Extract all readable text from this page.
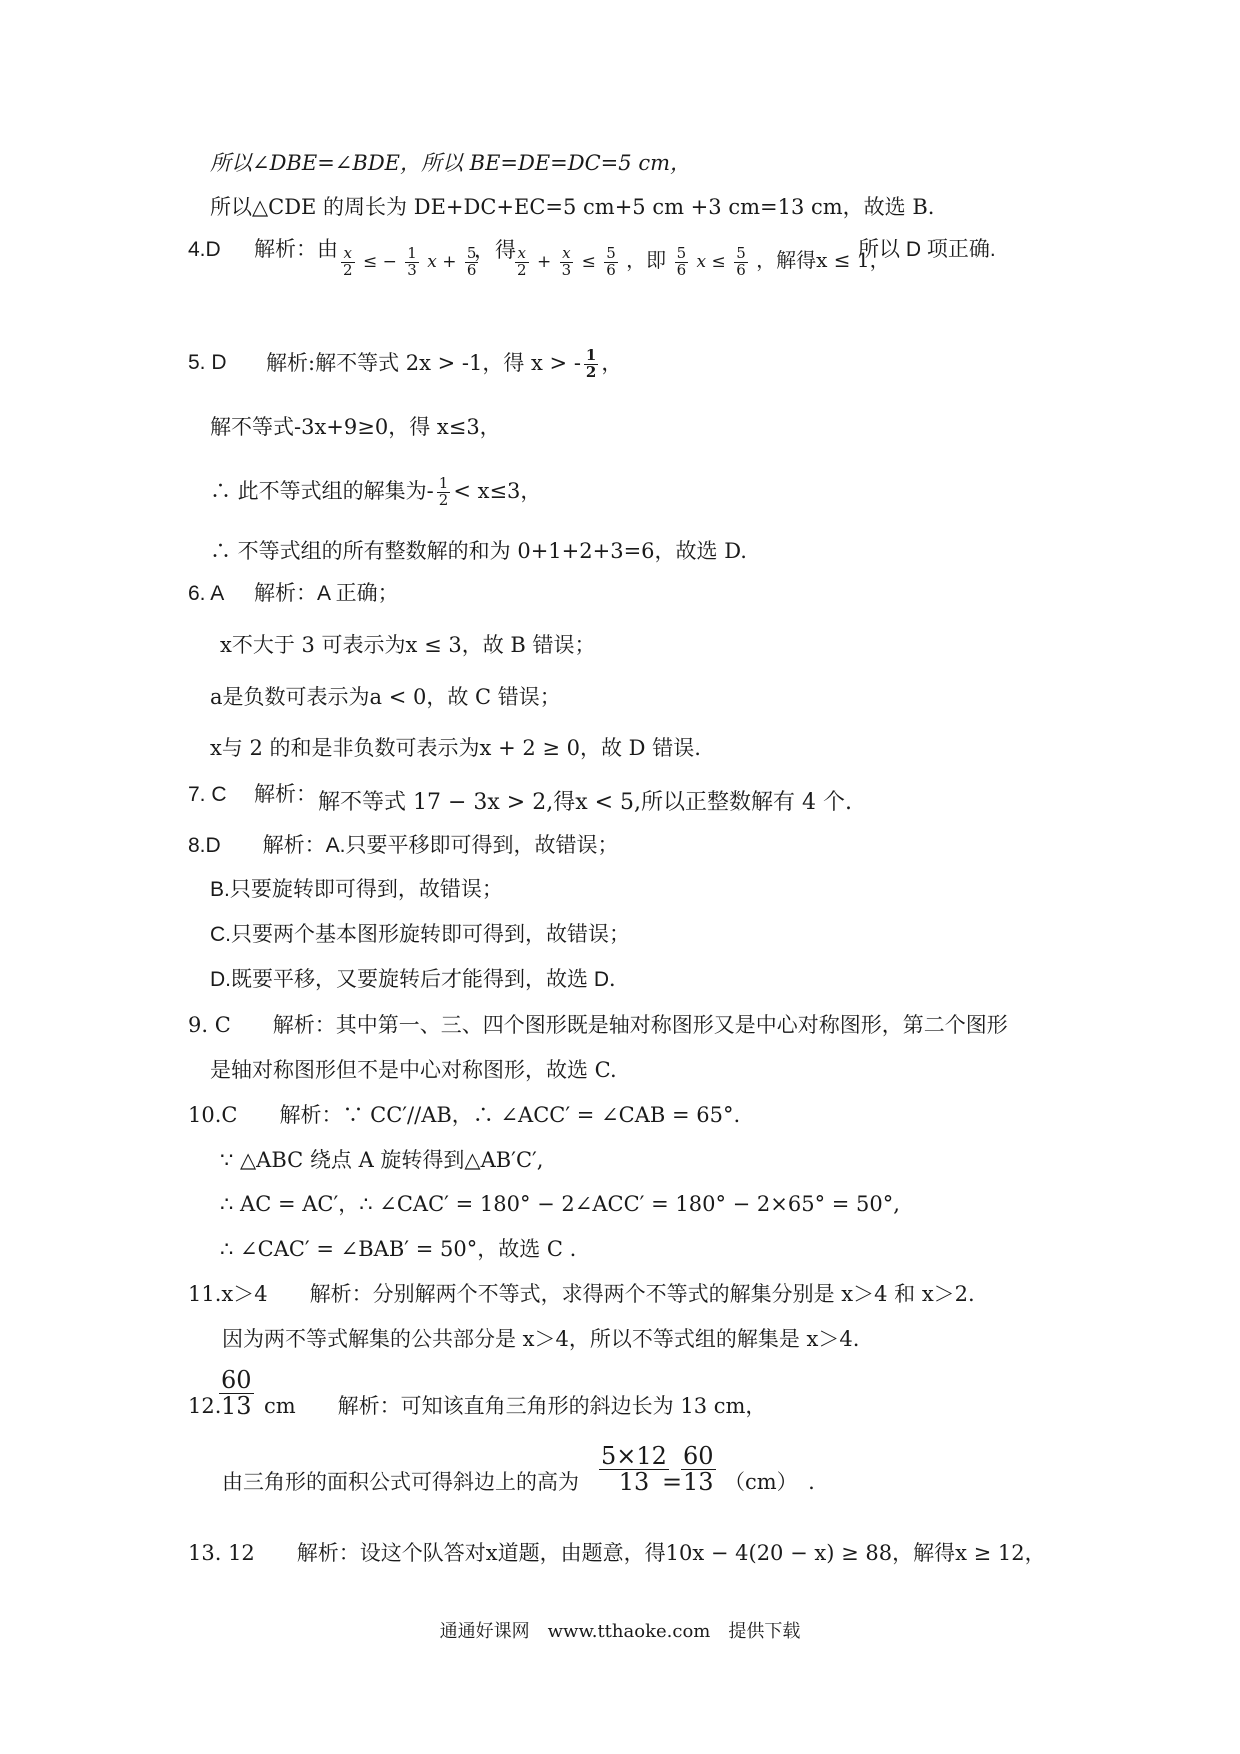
所以∠DBE=∠BDE，所以 BE=DE=DC=5 cm，
所以△CDE 的周长为 DE+DC+EC=5 cm+5 cm +3 cm=13 cm，故选 B.
4.D 解析：由 $\frac{x}{2}$ ≤ − $\frac{1}{3}$ $x + \frac{5}{6}$
，得 $\frac{x}{2} + \frac{x}{3} \le \frac{5}{6}$ ，即 $\frac{5}{6}$ $x \le \frac{5}{6}$ ，解得x ≤ 1，
所以 D 项正确.
5. D 解析:解不等式 2x > -1，得 x > - $\frac{1}{2}$ ，
解不等式-3x+9≥0，得 x≤3，
∴ 此不等式组的解集为- $\frac{1}{2} < x\le 3$，
∴ 不等式组的所有整数解的和为 0+1+2+3=6，故选 D.
6. A 解析：A 正确；
x不大于 3 可表示为x ≤ 3，故 B 错误；
a是负数可表示为a < 0，故 C 错误；
x与 2 的和是非负数可表示为x + 2 ≥ 0，故 D 错误.
7. C 解析： 解不等式 17 − 3x > 2,得x < 5,所以正整数解有 4 个.
8.D　　解析：A.只要平移即可得到，故错误；
B.只要旋转即可得到，故错误；
C.只要两个基本图形旋转即可得到，故错误；
D.既要平移，又要旋转后才能得到，故选 D．
9. C　　解析：其中第一、三、四个图形既是轴对称图形又是中心对称图形，第二个图形
是轴对称图形但不是中心对称图形，故选 C.
10.C　　解析：∵ CC′//AB，∴ ∠ACC′ = ∠CAB = 65°.
∵ △ABC 绕点 A 旋转得到△AB′C′,
∴ AC = AC′，∴ ∠CAC′ = 180° − 2∠ACC′ = 180° − 2×65° = 50°,
∴ ∠CAC′ = ∠BAB′ = 50°，故选 C .
11.x＞4　　解析：分别解两个不等式，求得两个不等式的解集分别是 x＞4 和 x＞2.
因为两不等式解集的公共部分是 x＞4，所以不等式组的解集是 x＞4.
12.
$\frac{60}{13}$ cm　　解析：可知该直角三角形的斜边长为 13 cm，
由三角形的面积公式可得斜边上的高为 $\frac{5\times 12}{13}$
=
$\frac{60}{13} (cm)$　.
13. 12　　解析：设这个队答对x道题，由题意，得10x − 4(20 − x) ≥ 88，解得x ≥ 12，
通通好课网　www.tthaoke.com　提供下载
